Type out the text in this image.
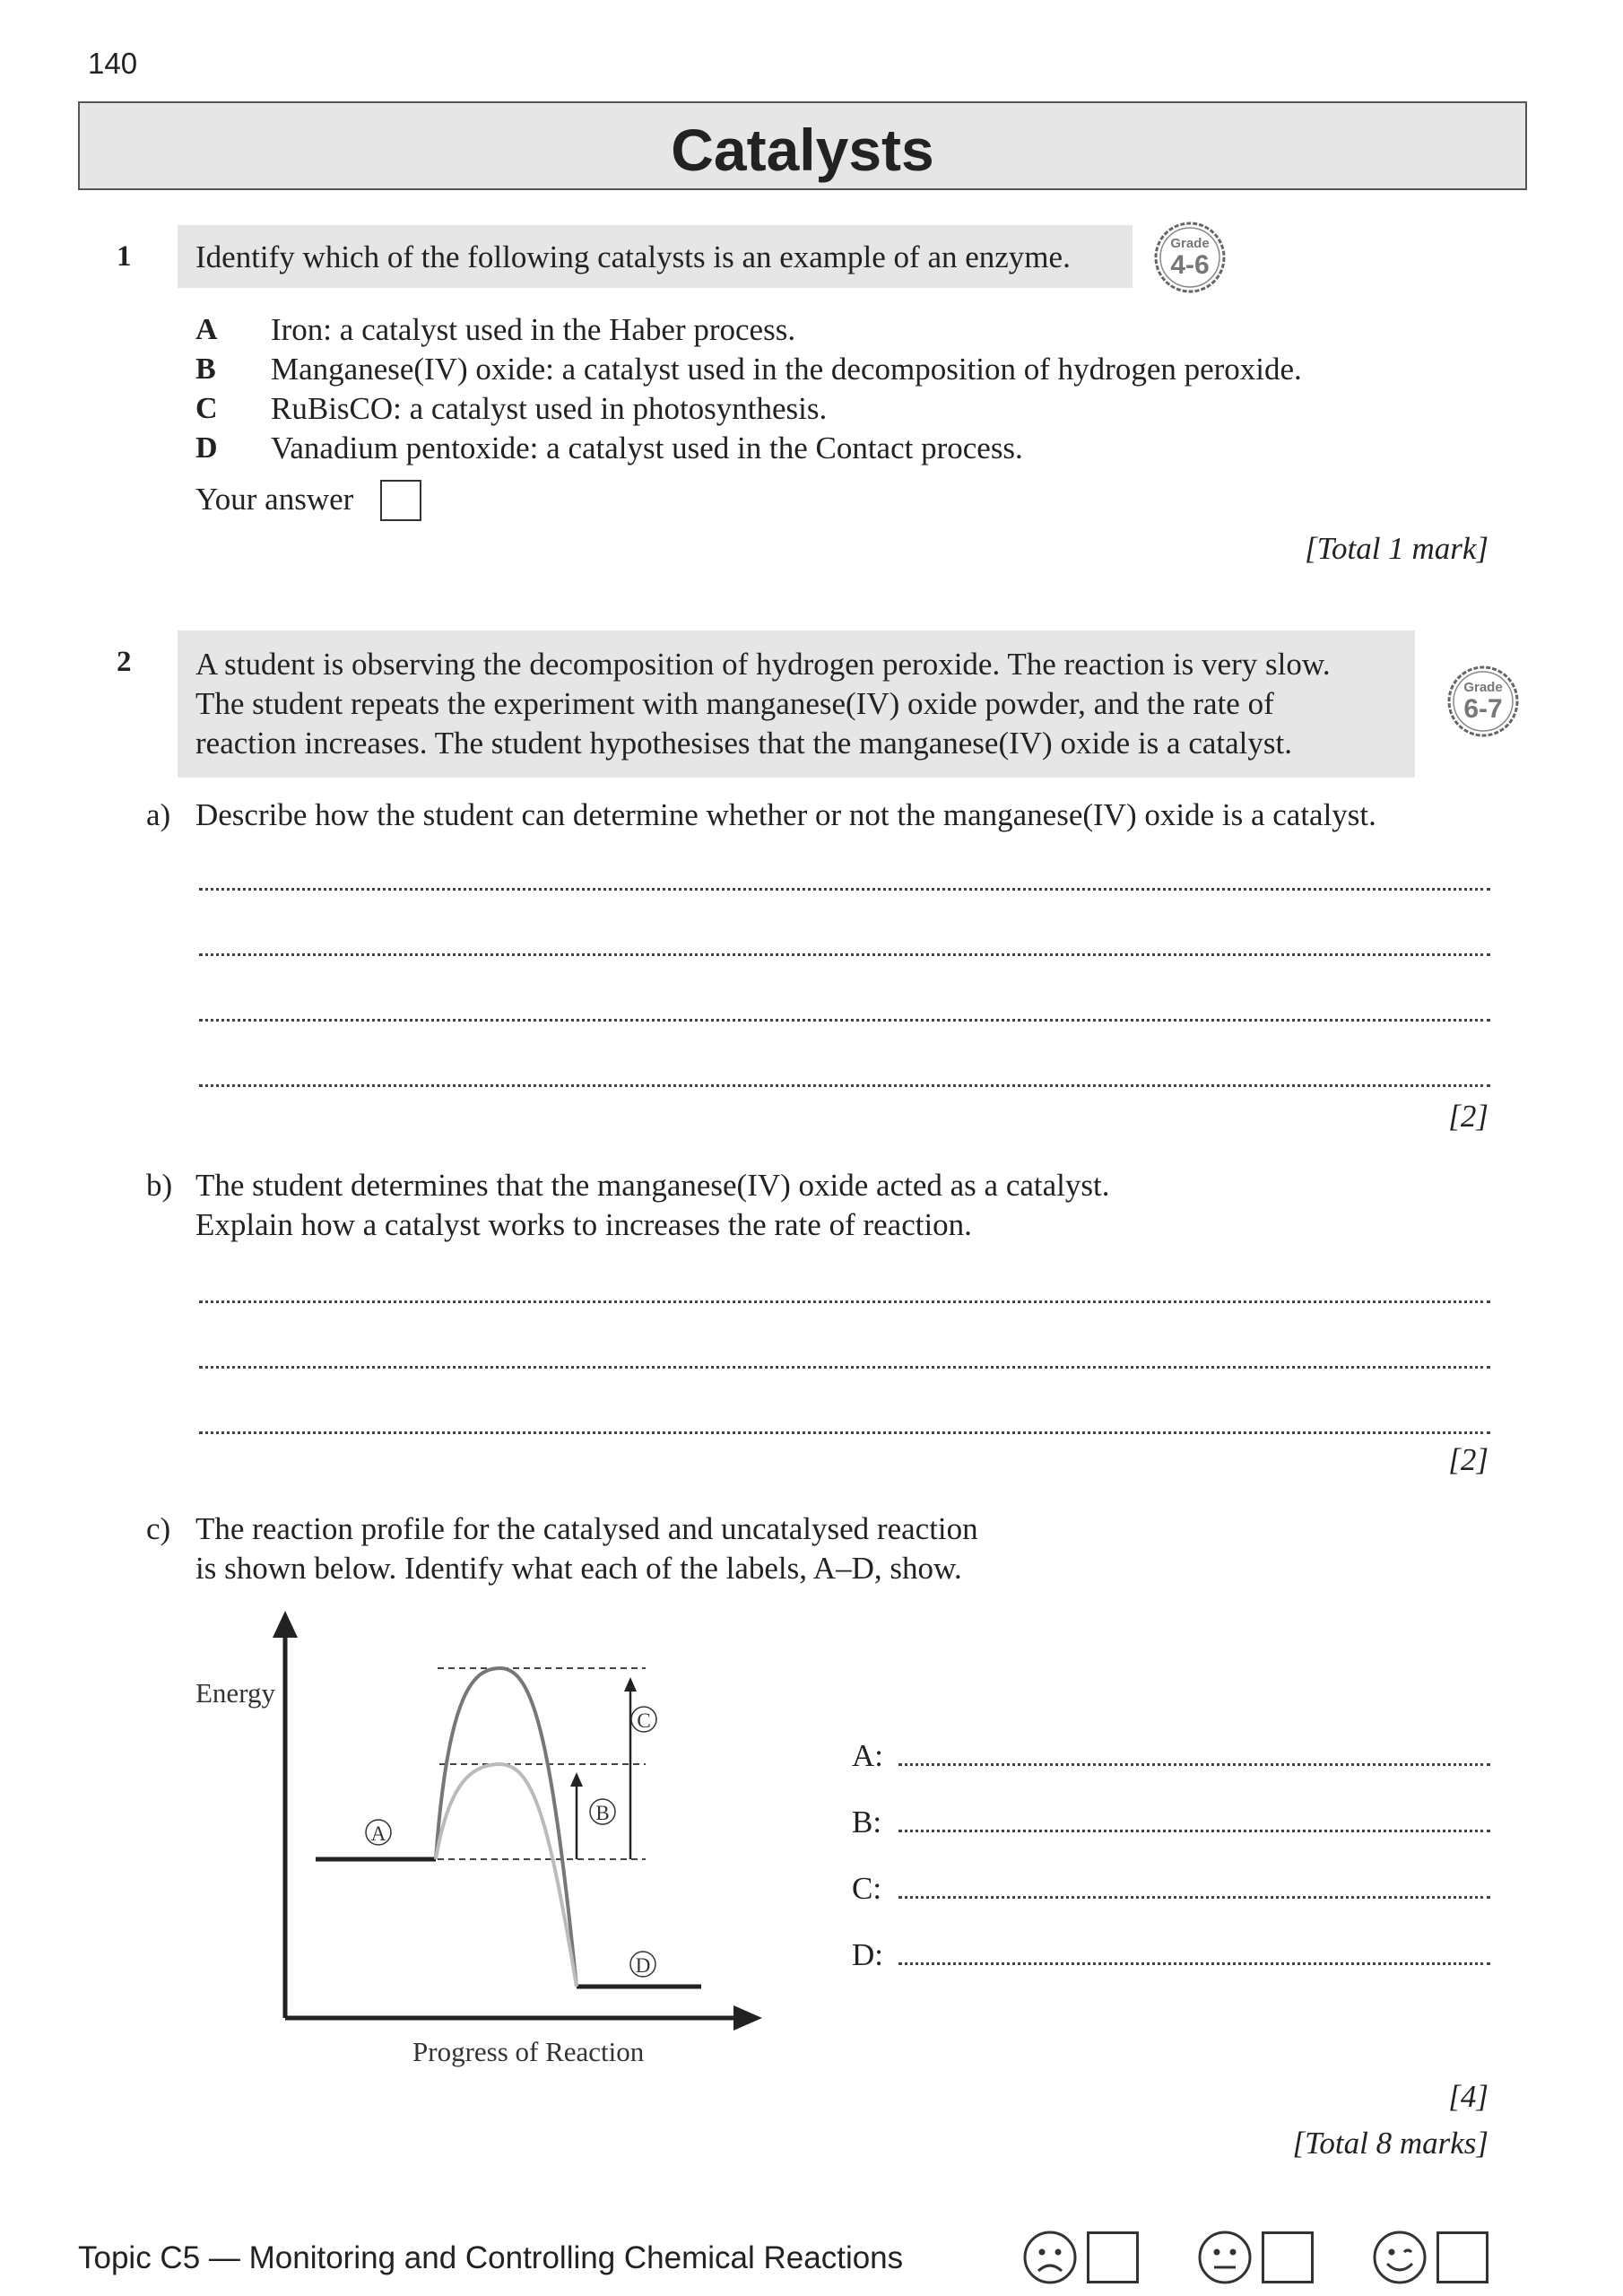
140
Catalysts
1 Identify which of the following catalysts is an example of an enzyme.	Grade
4-6
A	Iron: a catalyst used in the Haber process.
B	Manganese(IV) oxide: a catalyst used in the decomposition of hydrogen peroxide.
C	RuBisCO: a catalyst used in photosynthesis.
D	Vanadium pentoxide: a catalyst used in the Contact process.
Your answer
[Total 1 mark]
2 A student is observing the decomposition of hydrogen peroxide. The reaction is very slow.
The student repeats the experiment with manganese(IV) oxide powder, and the rate of
reaction increases. The student hypothesises that the manganese(IV) oxide is a catalyst.
Grade
6-7
a) Describe how the student can determine whether or not the manganese(IV) oxide is a catalyst.
[2]
b) The student determines that the manganese(IV) oxide acted as a catalyst.
Explain how a catalyst works to increases the rate of reaction.
[2]
c) The reaction profile for the catalysed and uncatalysed reaction
is shown below. Identify what each of the labels, A–D, show.
Energy
Progress of Reaction
A
B
C
D
A:
B:
C:
D:
[4]
[Total 8 marks]
Topic C5 — Monitoring and Controlling Chemical Reactions
